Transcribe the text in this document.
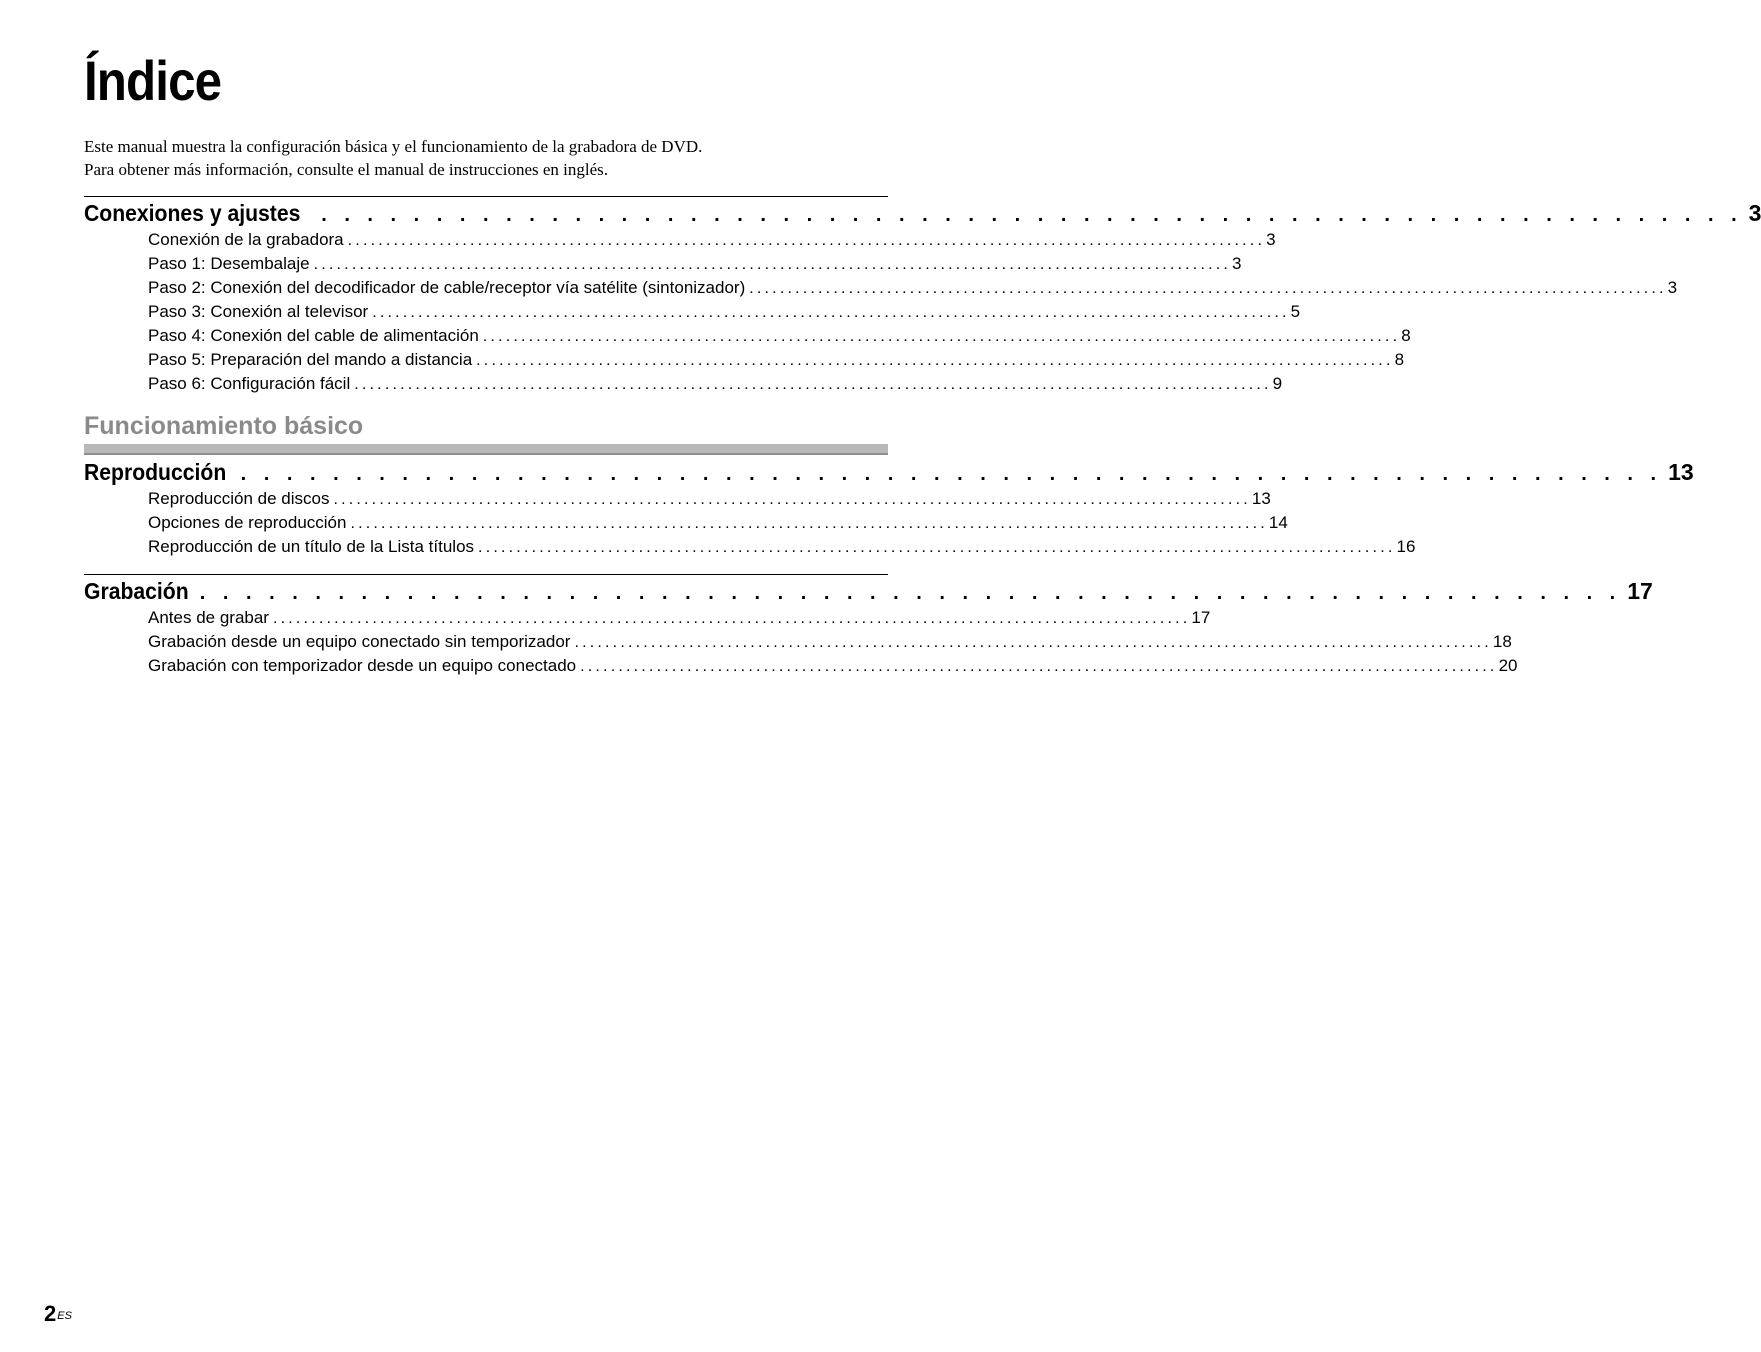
Índice

Este manual muestra la configuración básica y el funcionamiento de la grabadora de DVD.

Para obtener más información, consulte el manual de instrucciones en inglés.

Conexiones y ajustes . . . . . . . . . . . . . . . . . . . . . . . . . . . . . . . . . . . . . . . . . . . . . . . . . . . . . . . . . . . . . . 3
Conexión de la grabadora ........................................................................................................................ 3
Paso 1: Desembalaje ........................................................................................................................ 3
Paso 2: Conexión del decodificador de cable/receptor vía satélite (sintonizador) ........................................................................................................................ 3
Paso 3: Conexión al televisor ........................................................................................................................ 5
Paso 4: Conexión del cable de alimentación ........................................................................................................................ 8
Paso 5: Preparación del mando a distancia ........................................................................................................................ 8
Paso 6: Configuración fácil ........................................................................................................................ 9
Funcionamiento básico
Reproducción . . . . . . . . . . . . . . . . . . . . . . . . . . . . . . . . . . . . . . . . . . . . . . . . . . . . . . . . . . . . . . 13
Reproducción de discos ........................................................................................................................ 13
Opciones de reproducción ........................................................................................................................ 14
Reproducción de un título de la Lista títulos ........................................................................................................................ 16
Grabación . . . . . . . . . . . . . . . . . . . . . . . . . . . . . . . . . . . . . . . . . . . . . . . . . . . . . . . . . . . . . . 17
Antes de grabar ........................................................................................................................ 17
Grabación desde un equipo conectado sin temporizador ........................................................................................................................ 18
Grabación con temporizador desde un equipo conectado ........................................................................................................................ 20
$2^{ES}$
